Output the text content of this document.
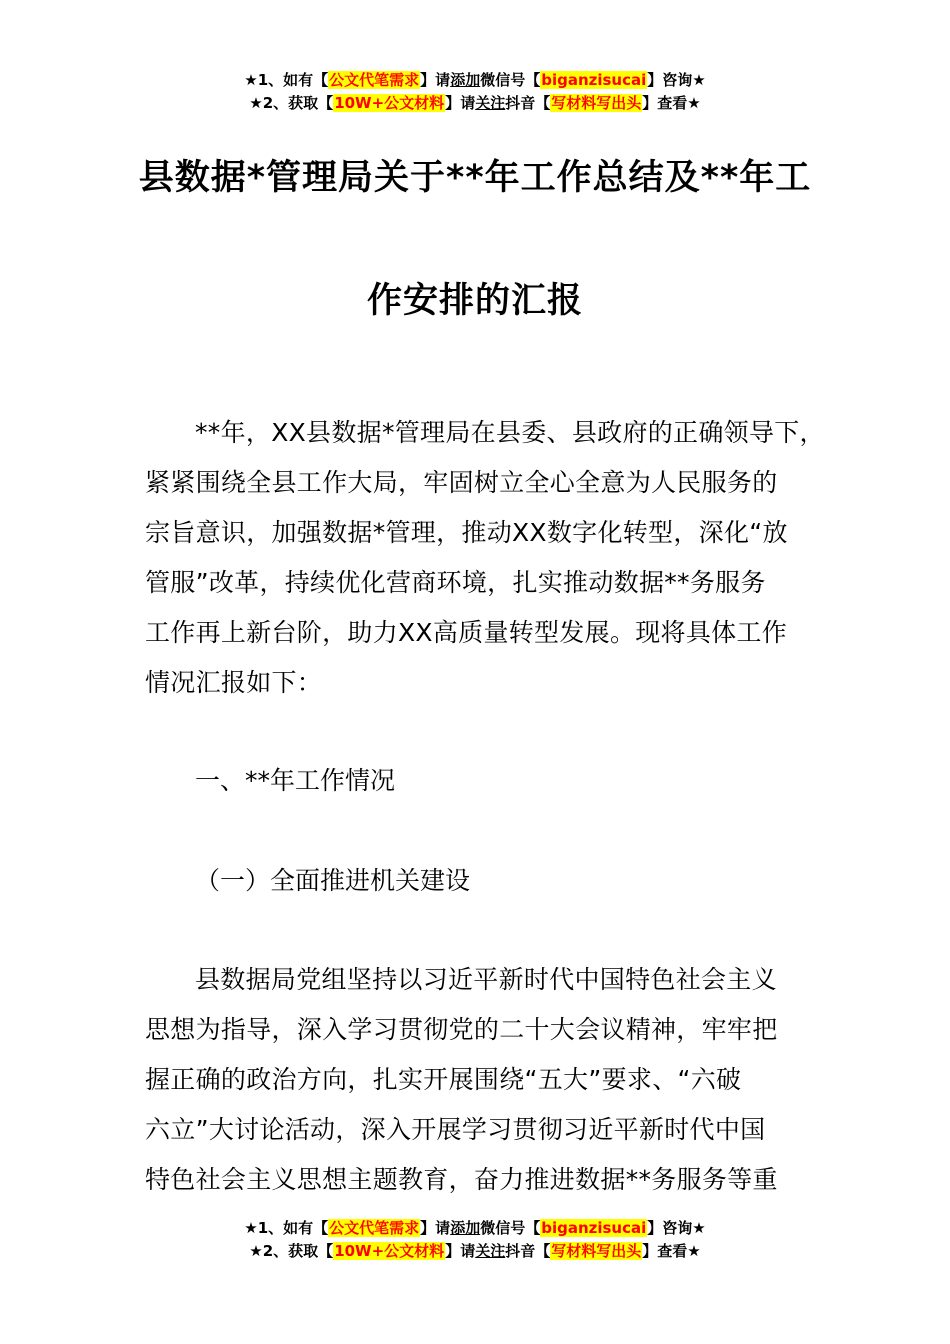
★1、如有【公文代笔需求】请添加微信号【biganzisucai】咨询★
★2、获取【10W+公文材料】请关注抖音【写材料写出头】查看★
县数据*管理局关于**年工作总结及**年工
作安排的汇报
**年，XX县数据*管理局在县委、县政府的正确领导下，
紧紧围绕全县工作大局，牢固树立全心全意为人民服务的
宗旨意识，加强数据*管理，推动XX数字化转型，深化“放
管服”改革，持续优化营商环境，扎实推动数据**务服务
工作再上新台阶，助力XX高质量转型发展。现将具体工作
情况汇报如下：
一、**年工作情况
（一）全面推进机关建设
县数据局党组坚持以习近平新时代中国特色社会主义
思想为指导，深入学习贯彻党的二十大会议精神，牢牢把
握正确的政治方向，扎实开展围绕“五大”要求、“六破
六立”大讨论活动，深入开展学习贯彻习近平新时代中国
特色社会主义思想主题教育，奋力推进数据**务服务等重
★1、如有【公文代笔需求】请添加微信号【biganzisucai】咨询★
★2、获取【10W+公文材料】请关注抖音【写材料写出头】查看★
